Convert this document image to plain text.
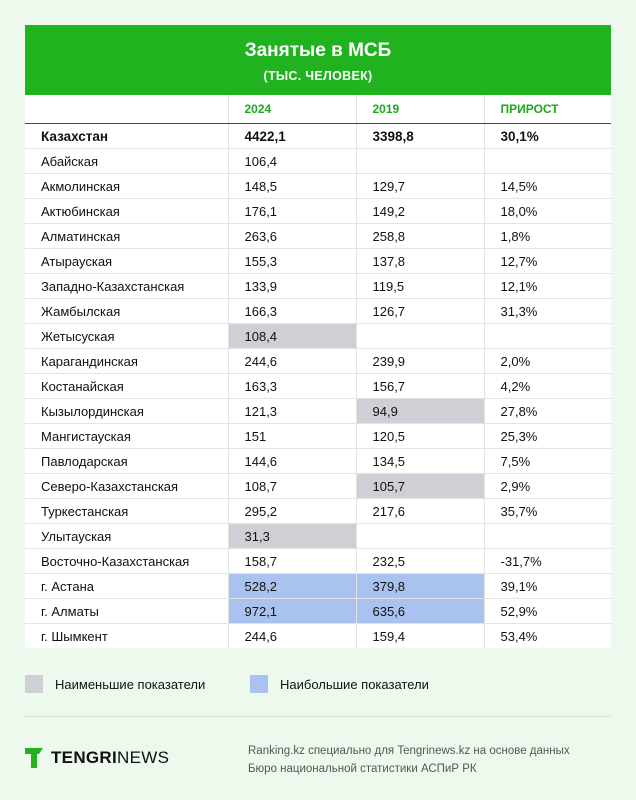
Занятые в МСБ
(ТЫС. ЧЕЛОВЕК)
	2024	2019	ПРИРОСТ
Казахстан	4422,1	3398,8	30,1%
Абайская	106,4		
Акмолинская	148,5	129,7	14,5%
Актюбинская	176,1	149,2	18,0%
Алматинская	263,6	258,8	1,8%
Атырауская	155,3	137,8	12,7%
Западно-Казахстанская	133,9	119,5	12,1%
Жамбылская	166,3	126,7	31,3%
Жетысуская	108,4		
Карагандинская	244,6	239,9	2,0%
Костанайская	163,3	156,7	4,2%
Кызылординская	121,3	94,9	27,8%
Мангистауская	151	120,5	25,3%
Павлодарская	144,6	134,5	7,5%
Северо-Казахстанская	108,7	105,7	2,9%
Туркестанская	295,2	217,6	35,7%
Улытауская	31,3		
Восточно-Казахстанская	158,7	232,5	-31,7%
г. Астана	528,2	379,8	39,1%
г. Алматы	972,1	635,6	52,9%
г. Шымкент	244,6	159,4	53,4%
Наименьшие показатели	Наибольшие показатели
TENGRINEWS	Ranking.kz специально для Tengrinews.kz на основе данных
Бюро национальной статистики АСПиР РК
